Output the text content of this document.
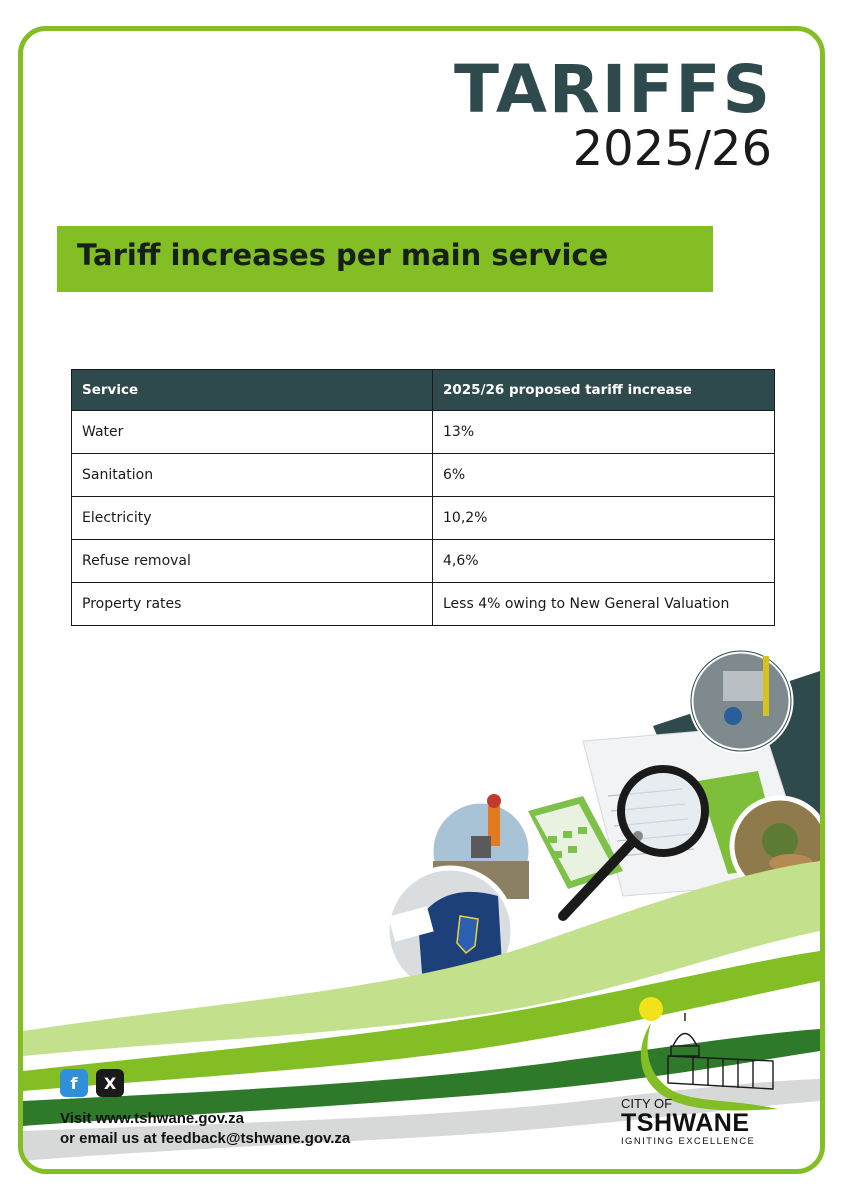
TARIFFS
2025/26
Tariff increases per main service
Service	2025/26 proposed tariff increase
Water	13%
Sanitation	6%
Electricity	10,2%
Refuse removal	4,6%
Property rates	Less 4% owing to New General Valuation
f	X
Visit www.tshwane.gov.za
or email us at feedback@tshwane.gov.za
CITY OF
TSHWANE
IGNITING EXCELLENCE
